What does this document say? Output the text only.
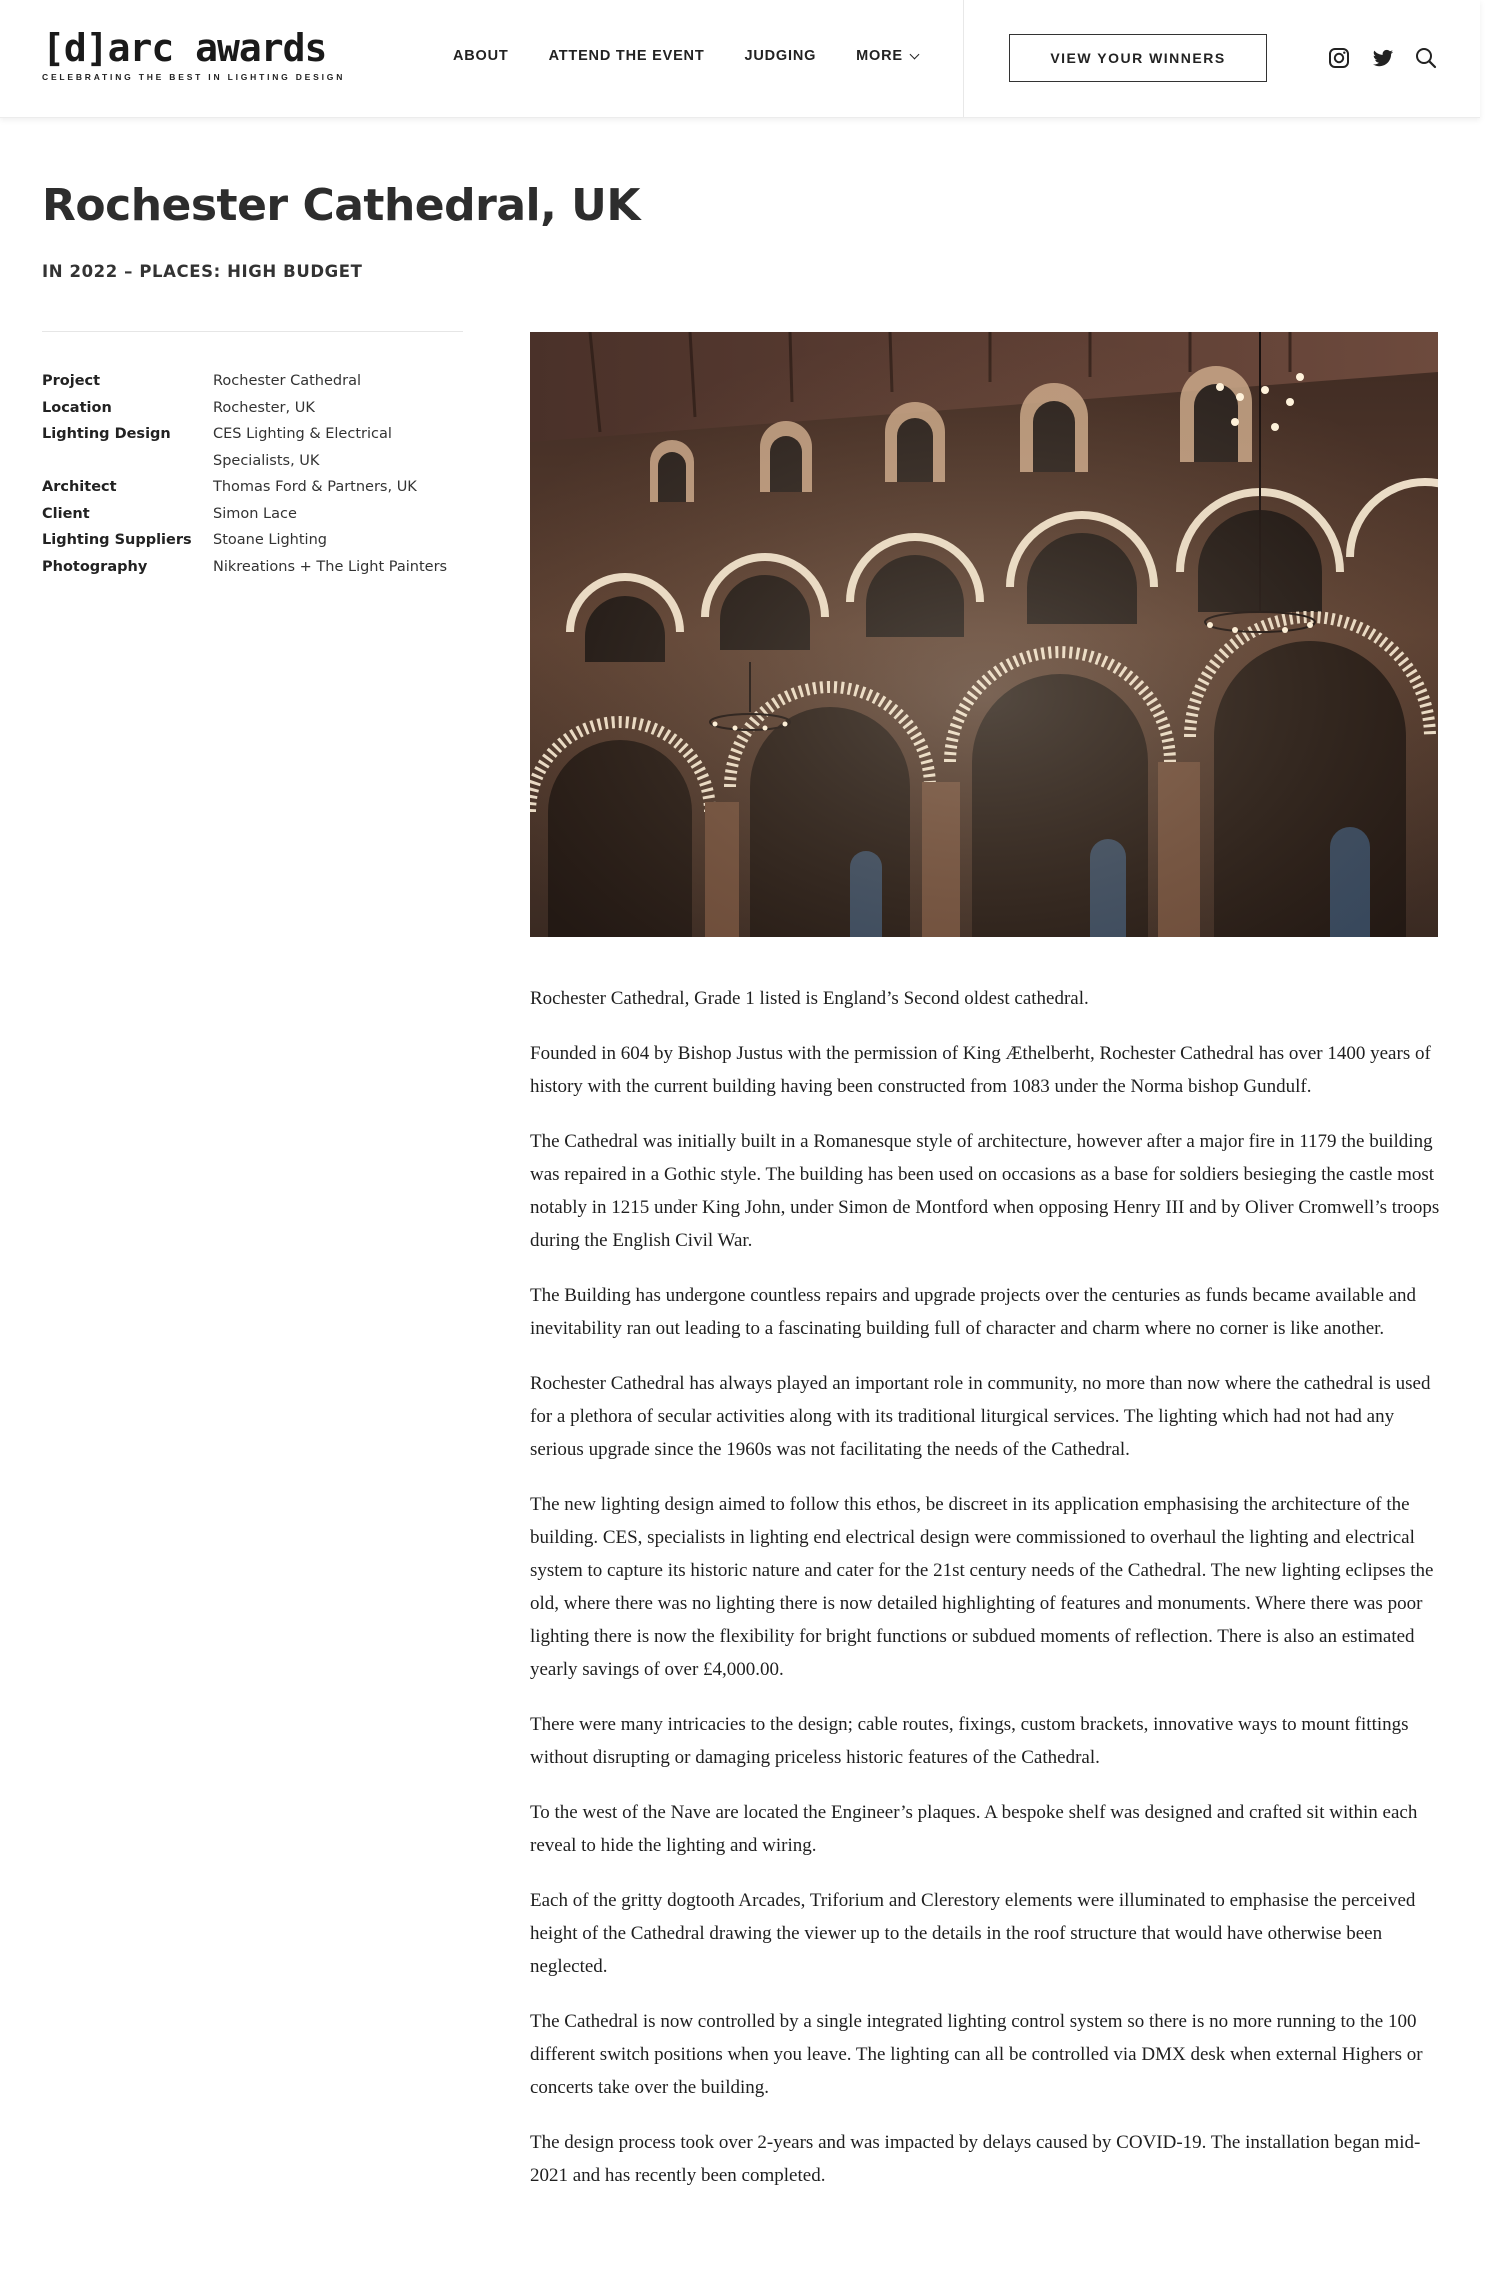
[d]arc awards
CELEBRATING THE BEST IN LIGHTING DESIGN
ABOUT	ATTEND THE EVENT	JUDGING	MORE	VIEW YOUR WINNERS
Rochester Cathedral, UK
IN 2022 – PLACES: HIGH BUDGET
Project	Rochester Cathedral
Location	Rochester, UK
Lighting Design	CES Lighting & Electrical Specialists, UK
Architect	Thomas Ford & Partners, UK
Client	Simon Lace
Lighting Suppliers	Stoane Lighting
Photography	Nikreations + The Light Painters

Rochester Cathedral, Grade 1 listed is England’s Second oldest cathedral.

Founded in 604 by Bishop Justus with the permission of King Æthelberht, Rochester Cathedral has over 1400 years of history with the current building having been constructed from 1083 under the Norma bishop Gundulf.

The Cathedral was initially built in a Romanesque style of architecture, however after a major fire in 1179 the building was repaired in a Gothic style. The building has been used on occasions as a base for soldiers besieging the castle most notably in 1215 under King John, under Simon de Montford when opposing Henry III and by Oliver Cromwell’s troops during the English Civil War.

The Building has undergone countless repairs and upgrade projects over the centuries as funds became available and inevitability ran out leading to a fascinating building full of character and charm where no corner is like another.

Rochester Cathedral has always played an important role in community, no more than now where the cathedral is used for a plethora of secular activities along with its traditional liturgical services. The lighting which had not had any serious upgrade since the 1960s was not facilitating the needs of the Cathedral.

The new lighting design aimed to follow this ethos, be discreet in its application emphasising the architecture of the building. CES, specialists in lighting end electrical design were commissioned to overhaul the lighting and electrical system to capture its historic nature and cater for the 21st century needs of the Cathedral. The new lighting eclipses the old, where there was no lighting there is now detailed highlighting of features and monuments. Where there was poor lighting there is now the flexibility for bright functions or subdued moments of reflection. There is also an estimated yearly savings of over £4,000.00.

There were many intricacies to the design; cable routes, fixings, custom brackets, innovative ways to mount fittings without disrupting or damaging priceless historic features of the Cathedral.

To the west of the Nave are located the Engineer’s plaques. A bespoke shelf was designed and crafted sit within each reveal to hide the lighting and wiring.

Each of the gritty dogtooth Arcades, Triforium and Clerestory elements were illuminated to emphasise the perceived height of the Cathedral drawing the viewer up to the details in the roof structure that would have otherwise been neglected.

The Cathedral is now controlled by a single integrated lighting control system so there is no more running to the 100 different switch positions when you leave. The lighting can all be controlled via DMX desk when external Highers or concerts take over the building.

The design process took over 2-years and was impacted by delays caused by COVID-19. The installation began mid-2021 and has recently been completed.
